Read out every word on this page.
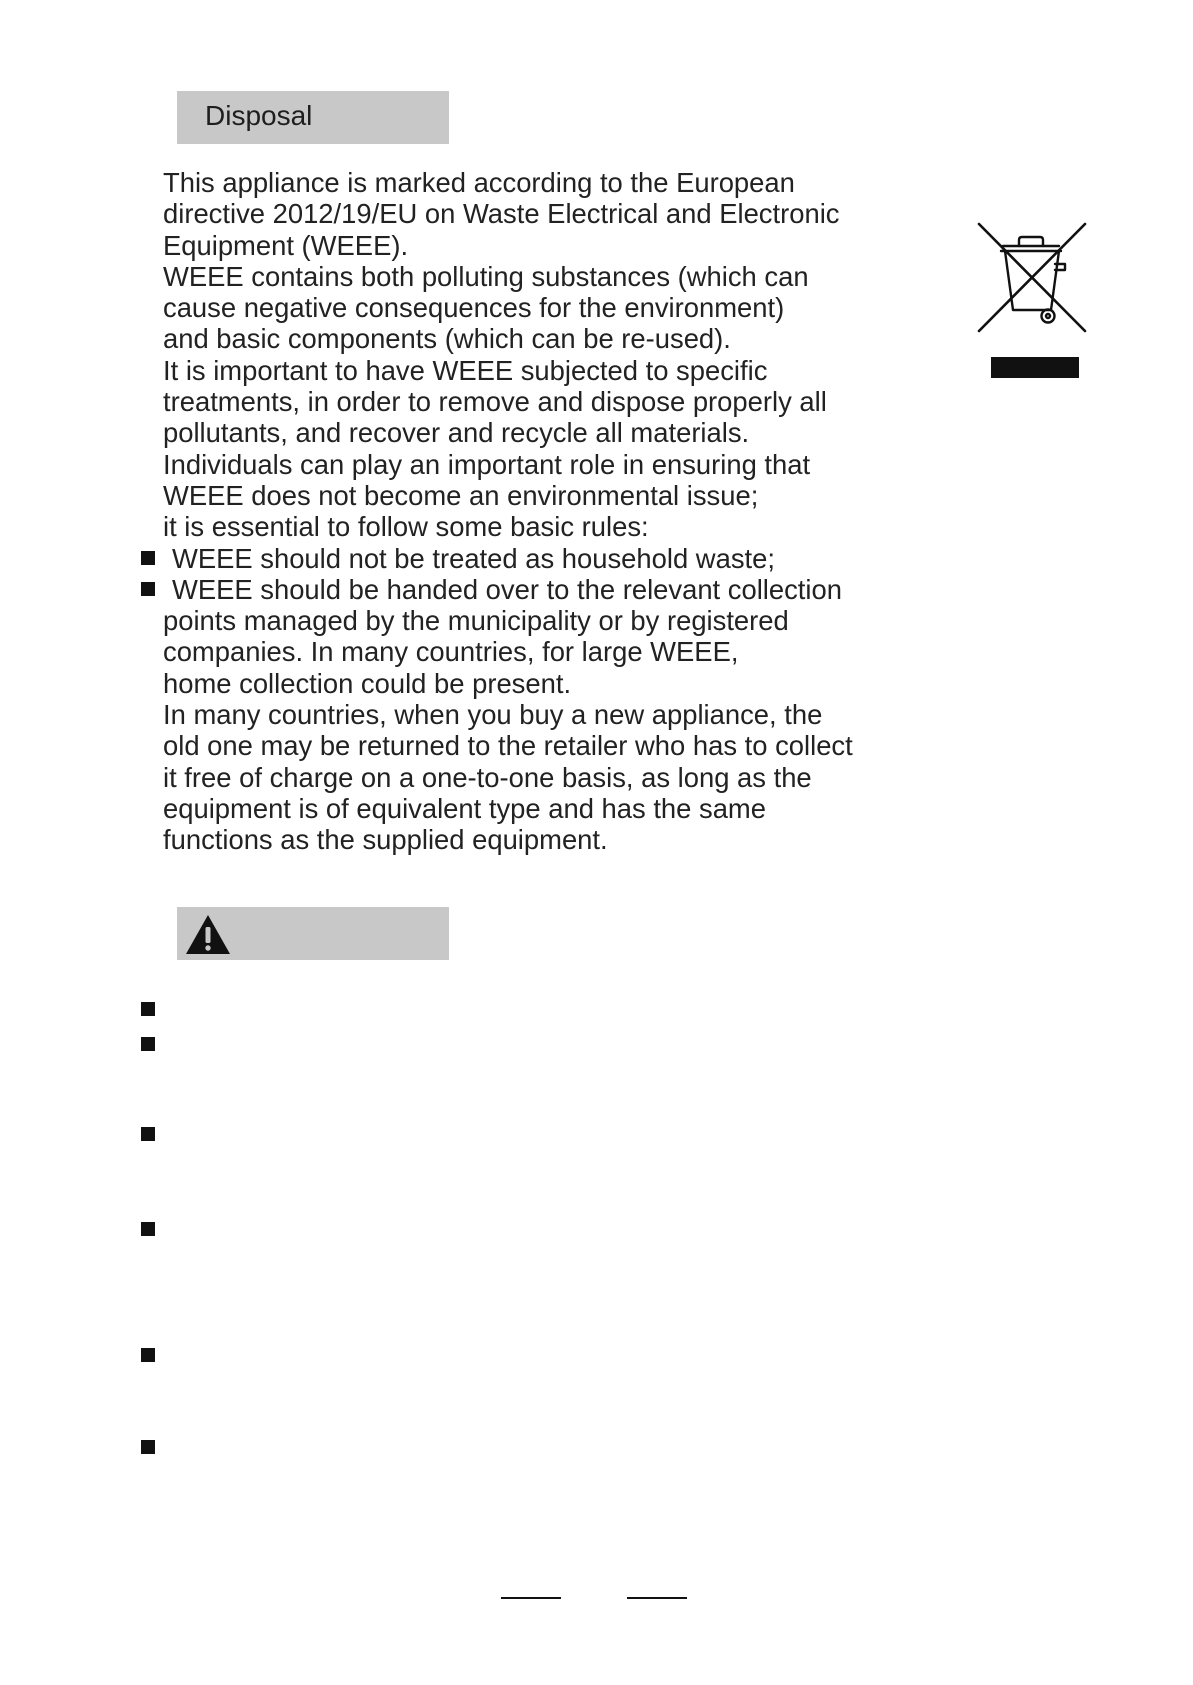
Disposal
This appliance is marked according to the European
directive 2012/19/EU on Waste Electrical and Electronic
Equipment (WEEE).
WEEE contains both polluting substances (which can
cause negative consequences for the environment)
and basic components (which can be re-used).
It is important to have WEEE subjected to specific
treatments, in order to remove and dispose properly all
pollutants, and recover and recycle all materials.
Individuals can play an important role in ensuring that
WEEE does not become an environmental issue;
it is essential to follow some basic rules:
WEEE should not be treated as household waste;
WEEE should be handed over to the relevant collection
points managed by the municipality or by registered
companies. In many countries, for large WEEE,
home collection could be present.
In many countries, when you buy a new appliance, the
old one may be returned to the retailer who has to collect
it free of charge on a one-to-one basis, as long as the
equipment is of equivalent type and has the same
functions as the supplied equipment.
